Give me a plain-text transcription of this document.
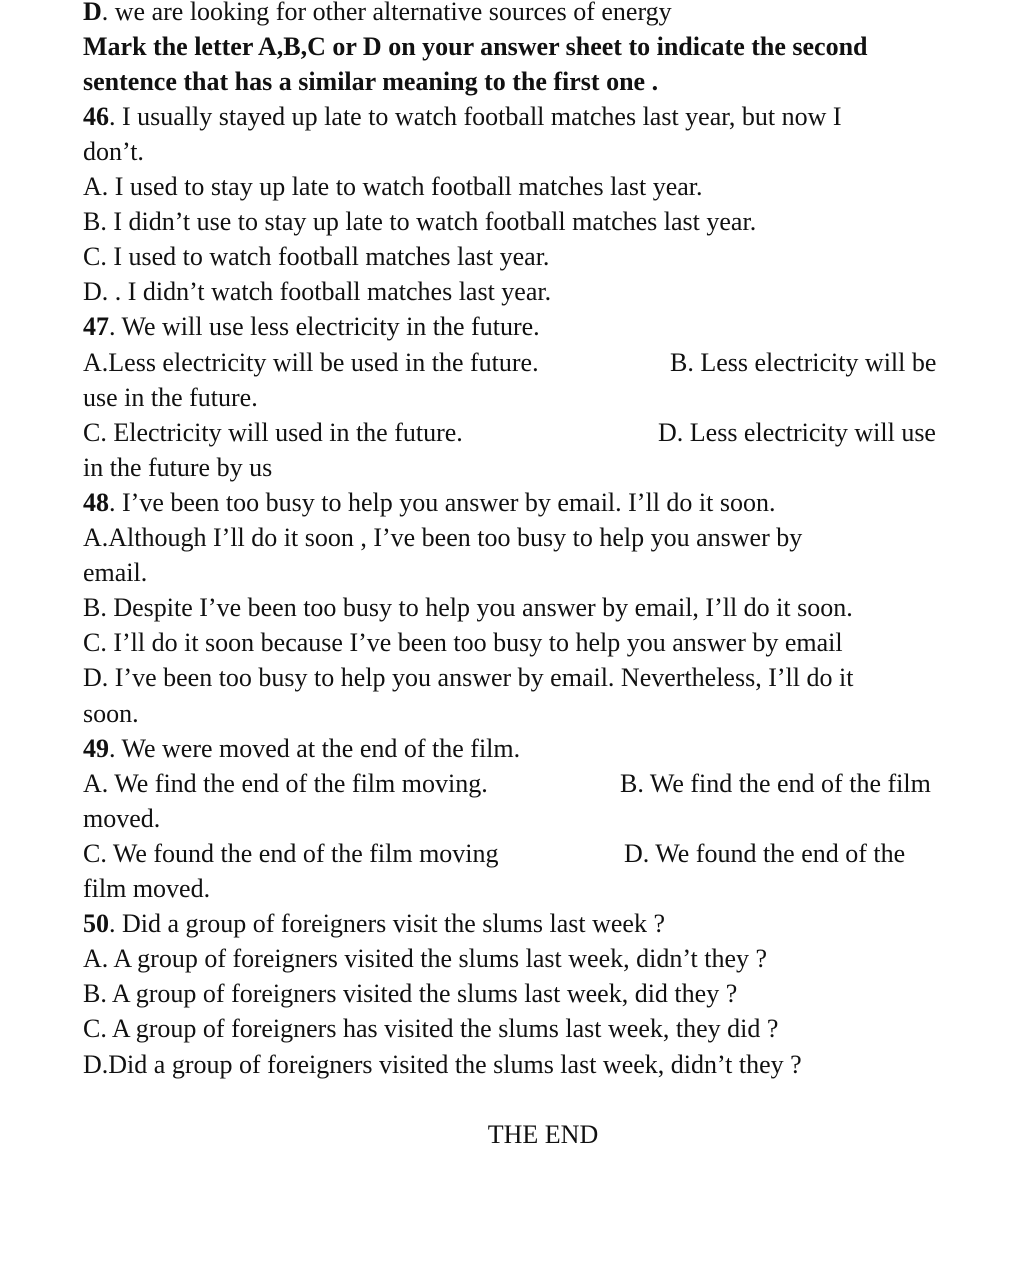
D. we are looking for other alternative sources of energy
Mark the letter A,B,C or D on your answer sheet to indicate the second
sentence that has a similar meaning to the first one .
46. I usually stayed up late to watch football matches last year, but now I
don’t.
A. I used to stay up late to watch football matches last year.
B. I didn’t use to stay up late to watch football matches last year.
C. I used to watch football matches last year.
D. . I didn’t watch football matches last year.
47. We will use less electricity in the future.
A.Less electricity will be used in the future.	B. Less electricity will be
use in the future.
C. Electricity will used in the future.	D. Less electricity will use
in the future by us
48. I’ve been too busy to help you answer by email. I’ll do it soon.
A.Although I’ll do it soon , I’ve been too busy to help you answer by
email.
B. Despite I’ve been too busy to help you answer by email, I’ll do it soon.
C. I’ll do it soon because I’ve been too busy to help you answer by email
D. I’ve been too busy to help you answer by email. Nevertheless, I’ll do it
soon.
49. We were moved at the end of the film.
A. We find the end of the film moving.	B. We find the end of the film
moved.
C. We found the end of the film moving	D. We found the end of the
film moved.
50. Did a group of foreigners visit the slums last week ?
A. A group of foreigners visited the slums last week, didn’t they ?
B. A group of foreigners visited the slums last week, did they ?
C. A group of foreigners has visited the slums last week, they did ?
D.Did a group of foreigners visited the slums last week, didn’t they ?
THE END
